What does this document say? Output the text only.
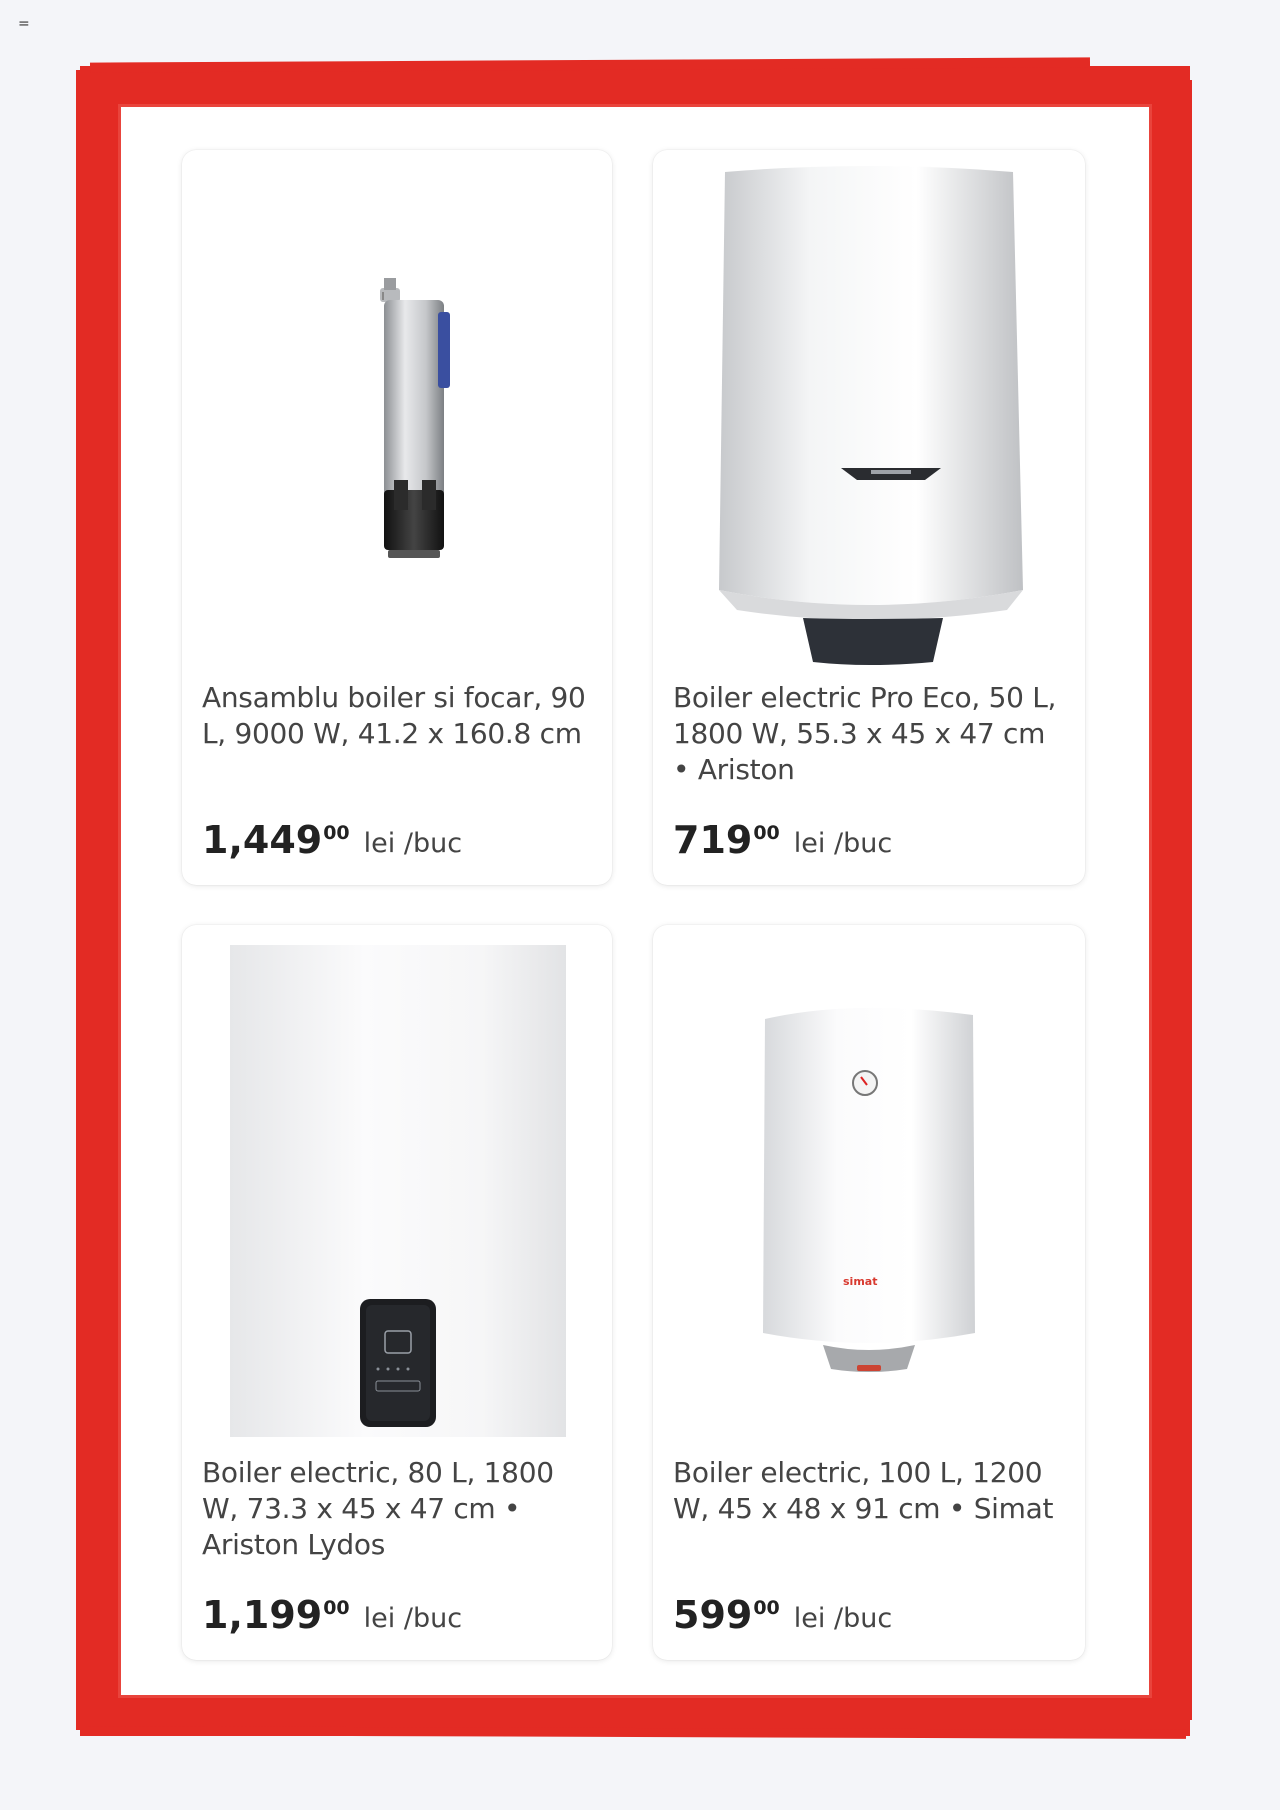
=
Ansamblu boiler si focar, 90 L, 9000 W, 41.2 x 160.8 cm
1,449 00 lei /buc
Boiler electric Pro Eco, 50 L, 1800 W, 55.3 x 45 x 47 cm • Ariston
719 00 lei /buc
Boiler electric, 80 L, 1800 W, 73.3 x 45 x 47 cm • Ariston Lydos
1,199 00 lei /buc
simat
Boiler electric, 100 L, 1200 W, 45 x 48 x 91 cm • Simat
599 00 lei /buc
